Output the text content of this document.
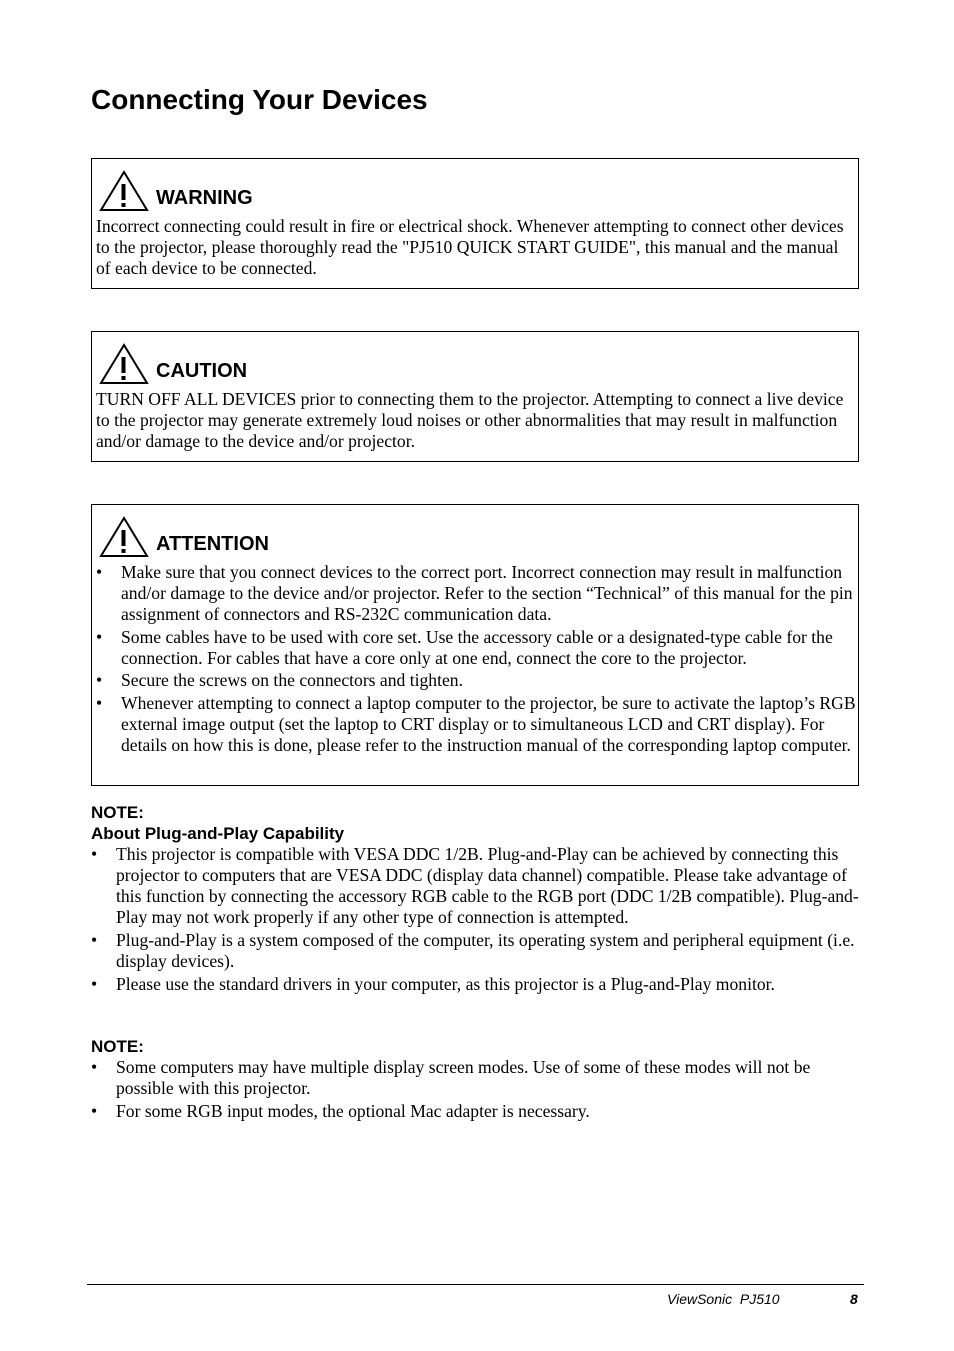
Connecting Your Devices
WARNING
Incorrect connecting could result in fire or electrical shock. Whenever attempting to connect other devices to the projector, please thoroughly read the "PJ510 QUICK START GUIDE", this manual and the manual of each device to be connected.
CAUTION
TURN OFF ALL DEVICES prior to connecting them to the projector. Attempting to connect a live device to the projector may generate extremely loud noises or other abnormalities that may result in malfunction and/or damage to the device and/or projector.
ATTENTION
• Make sure that you connect devices to the correct port. Incorrect connection may result in malfunction and/or damage to the device and/or projector. Refer to the section “Technical” of this manual for the pin assignment of connectors and RS-232C communication data.
• Some cables have to be used with core set. Use the accessory cable or a designated-type cable for the connection. For cables that have a core only at one end, connect the core to the projector.
• Secure the screws on the connectors and tighten.
• Whenever attempting to connect a laptop computer to the projector, be sure to activate the laptop’s RGB external image output (set the laptop to CRT display or to simultaneous LCD and CRT display). For details on how this is done, please refer to the instruction manual of the corresponding laptop computer.
NOTE:
About Plug-and-Play Capability
• This projector is compatible with VESA DDC 1/2B. Plug-and-Play can be achieved by connecting this projector to computers that are VESA DDC (display data channel) compatible. Please take advantage of this function by connecting the accessory RGB cable to the RGB port (DDC 1/2B compatible). Plug-and-Play may not work properly if any other type of connection is attempted.
• Plug-and-Play is a system composed of the computer, its operating system and peripheral equipment (i.e. display devices).
• Please use the standard drivers in your computer, as this projector is a Plug-and-Play monitor.
NOTE:
• Some computers may have multiple display screen modes. Use of some of these modes will not be possible with this projector.
• For some RGB input modes, the optional Mac adapter is necessary.
ViewSonic  PJ510	8
